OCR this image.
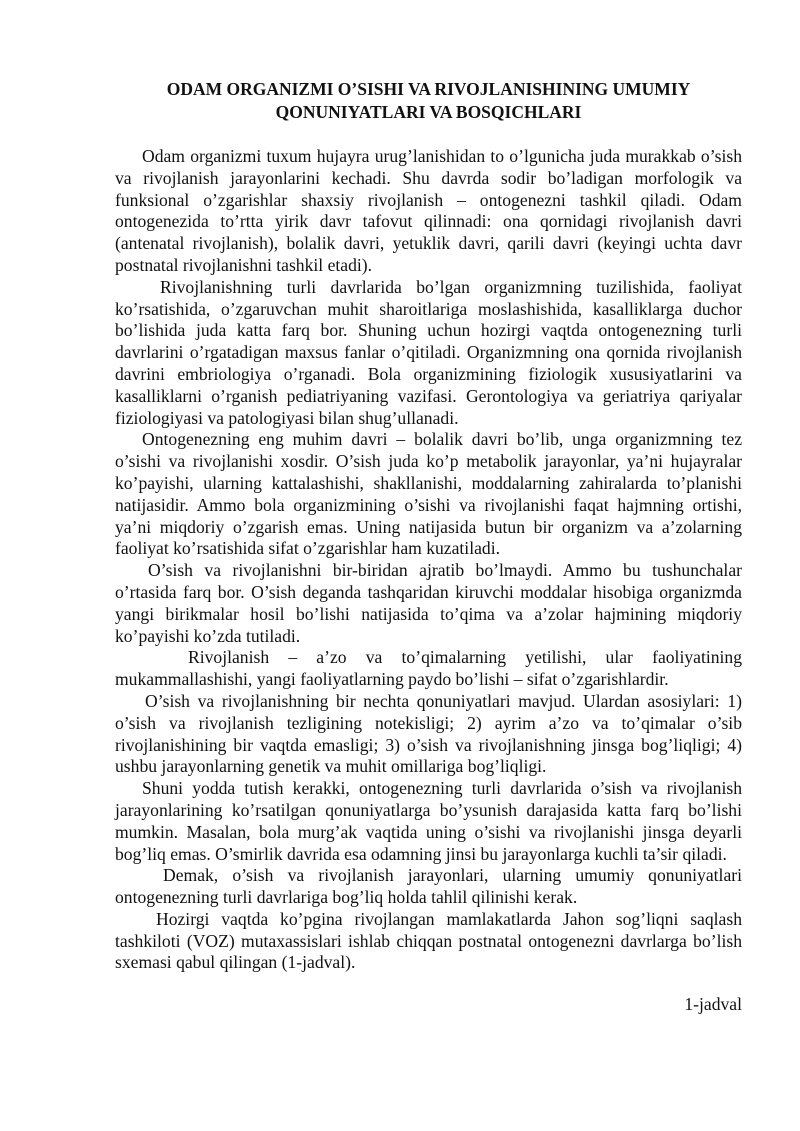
ODAM ORGANIZMI O’SISHI VA RIVOJLANISHINING UMUMIY
QONUNIYATLARI VA BOSQICHLARI

Odam organizmi tuxum hujayra urug’lanishidan to o’lgunicha juda murakkab o’sish va rivojlanish jarayonlarini kechadi. Shu davrda sodir bo’ladigan morfologik va funksional o’zgarishlar shaxsiy rivojlanish – ontogenezni tashkil qiladi. Odam ontogenezida to’rtta yirik davr tafovut qilinnadi: ona qornidagi rivojlanish davri (antenatal rivojlanish), bolalik davri, yetuklik davri, qarili davri (keyingi uchta davr postnatal rivojlanishni tashkil etadi).

Rivojlanishning turli davrlarida bo’lgan organizmning tuzilishida, faoliyat ko’rsatishida, o’zgaruvchan muhit sharoitlariga moslashishida, kasalliklarga duchor bo’lishida juda katta farq bor. Shuning uchun hozirgi vaqtda ontogenezning turli davrlarini o’rgatadigan maxsus fanlar o’qitiladi. Organizmning ona qornida rivojlanish davrini embriologiya o’rganadi. Bola organizmining fiziologik xususiyatlarini va kasalliklarni o’rganish pediatriyaning vazifasi. Gerontologiya va geriatriya qariyalar fiziologiyasi va patologiyasi bilan shug’ullanadi.

Ontogenezning eng muhim davri – bolalik davri bo’lib, unga organizmning tez o’sishi va rivojlanishi xosdir. O’sish juda ko’p metabolik jarayonlar, ya’ni hujayralar ko’payishi, ularning kattalashishi, shakllanishi, moddalarning zahiralarda to’planishi natijasidir. Ammo bola organizmining o’sishi va rivojlanishi faqat hajmning ortishi, ya’ni miqdoriy o’zgarish emas. Uning natijasida butun bir organizm va a’zolarning faoliyat ko’rsatishida sifat o’zgarishlar ham kuzatiladi.

O’sish va rivojlanishni bir-biridan ajratib bo’lmaydi. Ammo bu tushunchalar o’rtasida farq bor. O’sish deganda tashqaridan kiruvchi moddalar hisobiga organizmda yangi birikmalar hosil bo’lishi natijasida to’qima va a’zolar hajmining miqdoriy ko’payishi ko’zda tutiladi.

Rivojlanish – a’zo va to’qimalarning yetilishi, ular faoliyatining mukammallashishi, yangi faoliyatlarning paydo bo’lishi – sifat o’zgarishlardir.

O’sish va rivojlanishning bir nechta qonuniyatlari mavjud. Ulardan asosiylari: 1) o’sish va rivojlanish tezligining notekisligi; 2) ayrim a’zo va to’qimalar o’sib rivojlanishining bir vaqtda emasligi; 3) o’sish va rivojlanishning jinsga bog’liqligi; 4) ushbu jarayonlarning genetik va muhit omillariga bog’liqligi.

Shuni yodda tutish kerakki, ontogenezning turli davrlarida o’sish va rivojlanish jarayonlarining ko’rsatilgan qonuniyatlarga bo’ysunish darajasida katta farq bo’lishi mumkin. Masalan, bola murg’ak vaqtida uning o’sishi va rivojlanishi jinsga deyarli bog’liq emas. O’smirlik davrida esa odamning jinsi bu jarayonlarga kuchli ta’sir qiladi.

Demak, o’sish va rivojlanish jarayonlari, ularning umumiy qonuniyatlari ontogenezning turli davrlariga bog’liq holda tahlil qilinishi kerak.

Hozirgi vaqtda ko’pgina rivojlangan mamlakatlarda Jahon sog’liqni saqlash tashkiloti (VOZ) mutaxassislari ishlab chiqqan postnatal ontogenezni davrlarga bo’lish sxemasi qabul qilingan (1-jadval).

1-jadval
